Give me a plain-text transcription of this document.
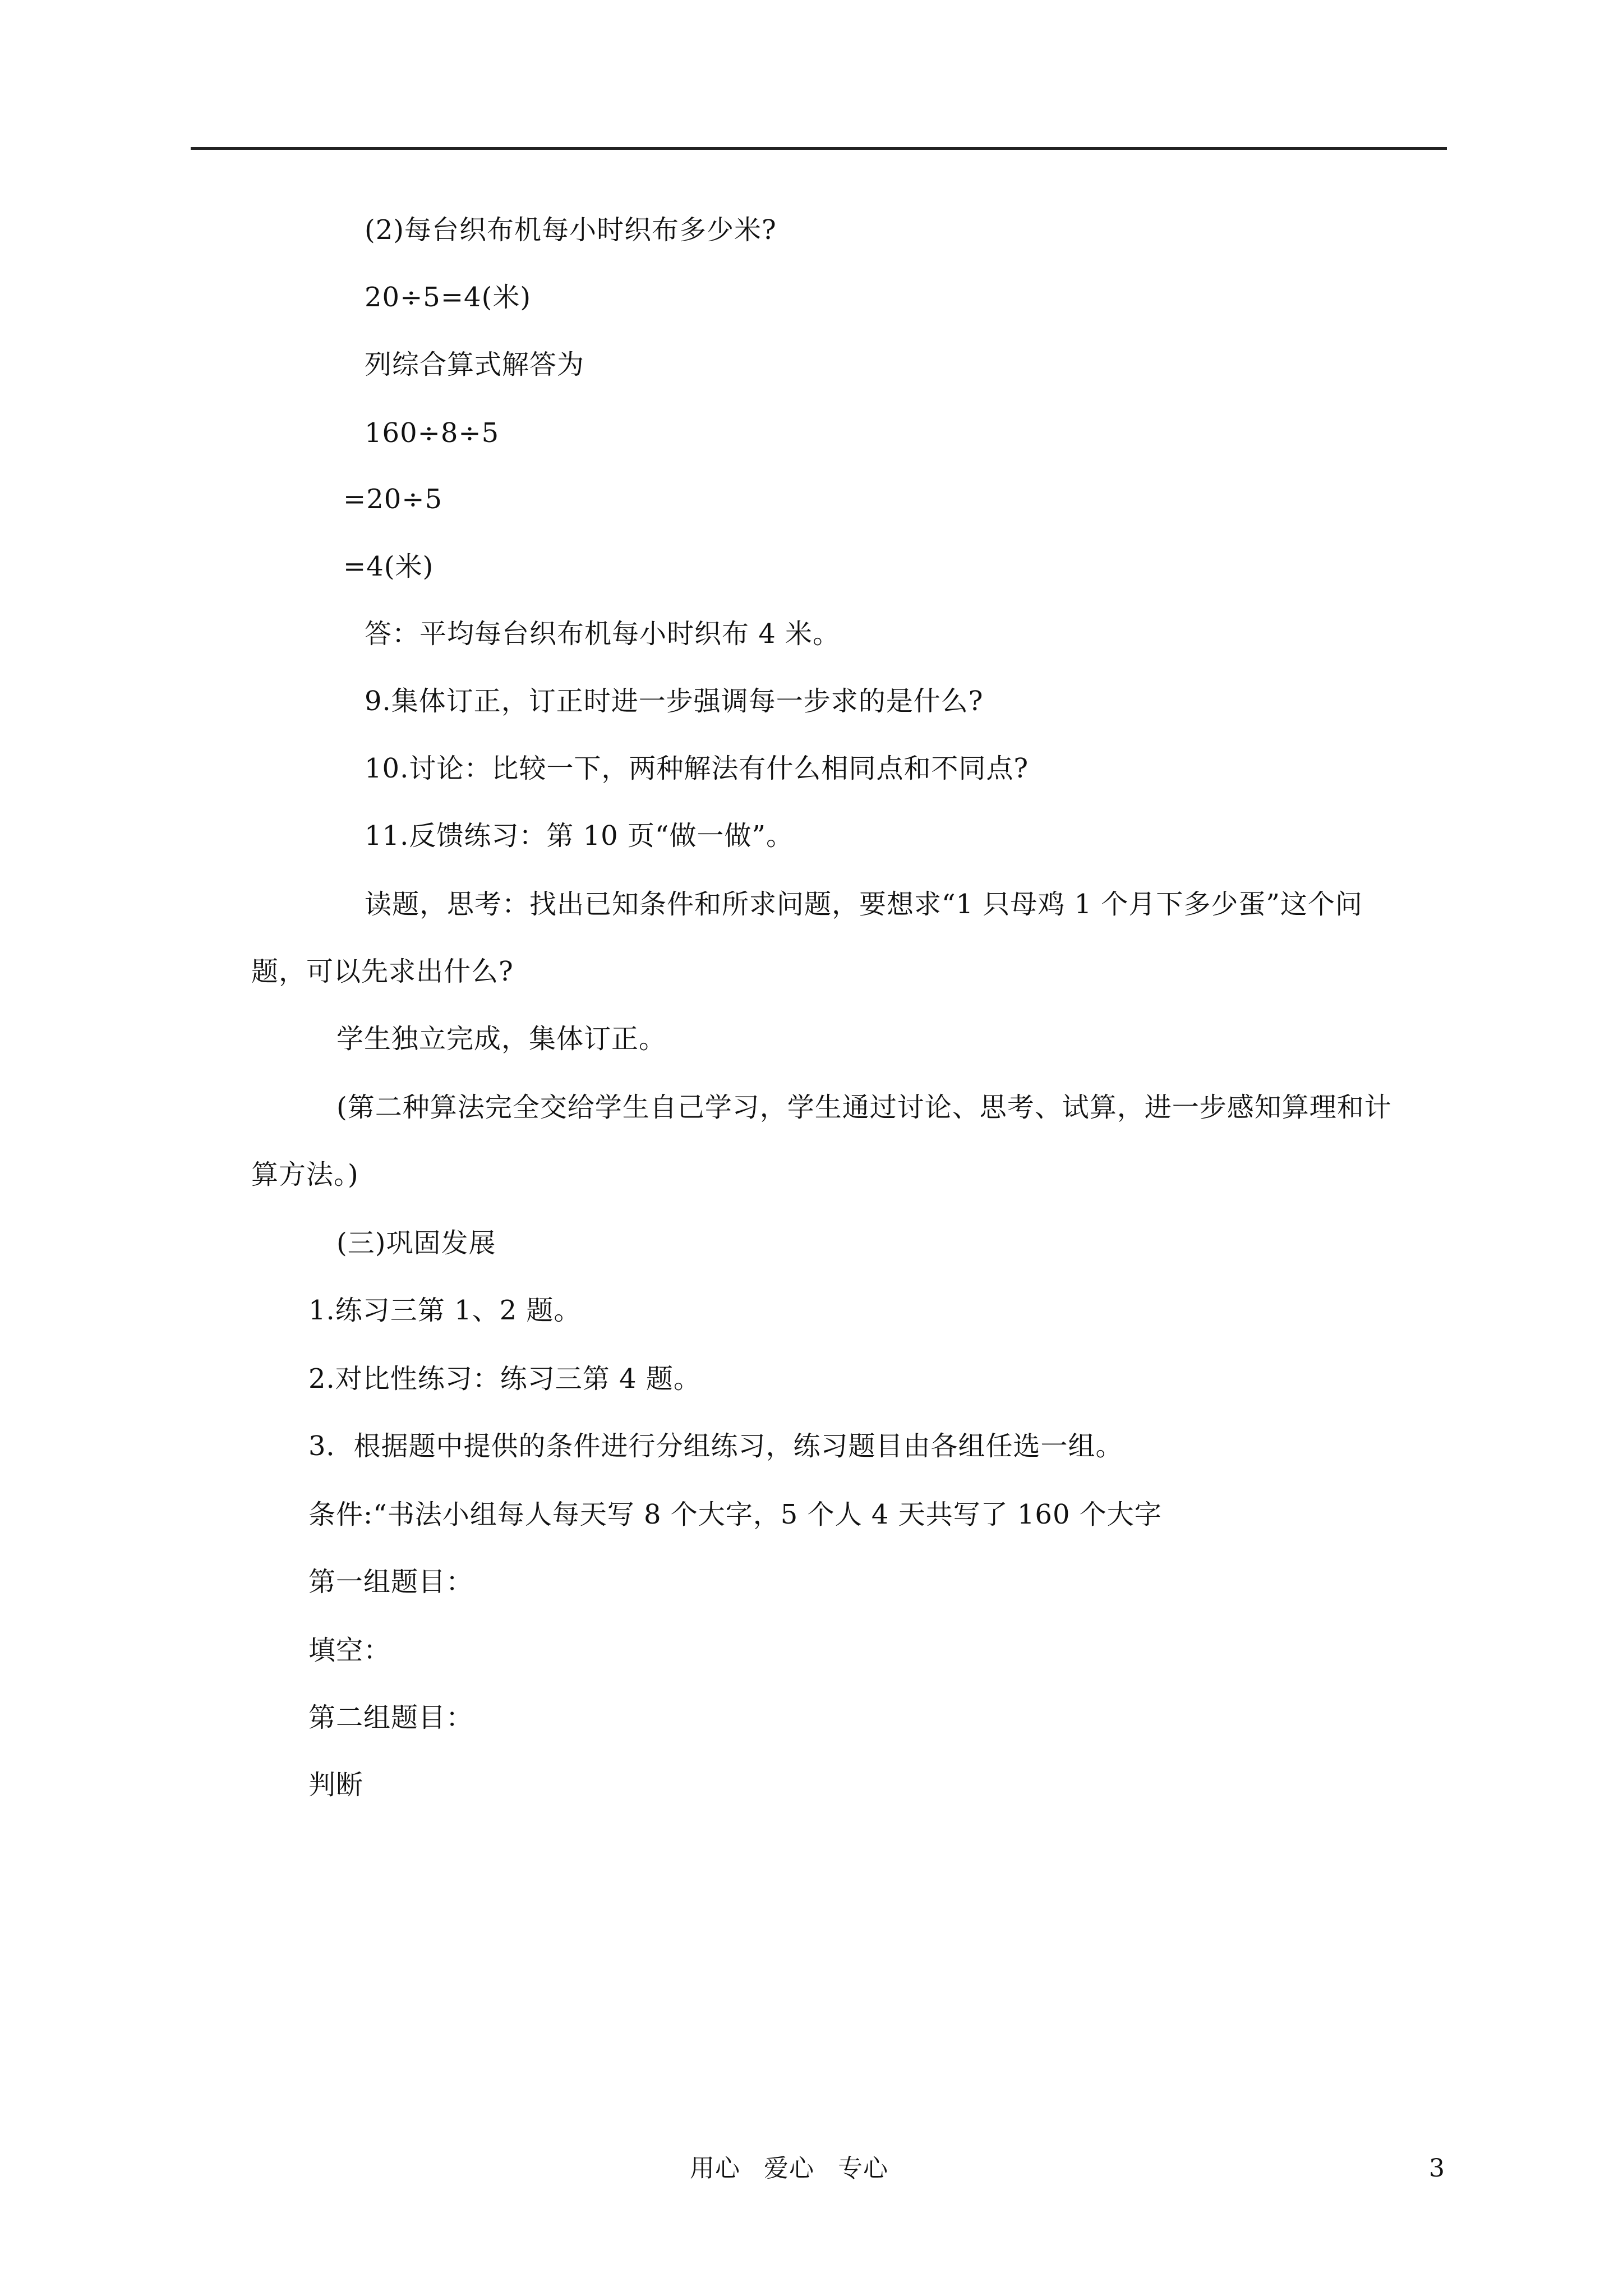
(2)每台织布机每小时织布多少米?
20÷5=4(米)
列综合算式解答为
160÷8÷5
=20÷5
=4(米)
答：平均每台织布机每小时织布 4 米。
9.集体订正，订正时进一步强调每一步求的是什么?
10.讨论：比较一下，两种解法有什么相同点和不同点?
11.反馈练习：第 10 页“做一做”。
读题，思考：找出已知条件和所求问题，要想求“1 只母鸡 1 个月下多少蛋”这个问
题，可以先求出什么?
学生独立完成，集体订正。
(第二种算法完全交给学生自己学习，学生通过讨论、思考、试算，进一步感知算理和计
算方法。)
(三)巩固发展
1.练习三第 1、2 题。
2.对比性练习：练习三第 4 题。
3．根据题中提供的条件进行分组练习，练习题目由各组任选一组。
条件:“书法小组每人每天写 8 个大字，5 个人 4 天共写了 160 个大字
第一组题目：
填空：
第二组题目：
判断
用心 爱心 专心	3
